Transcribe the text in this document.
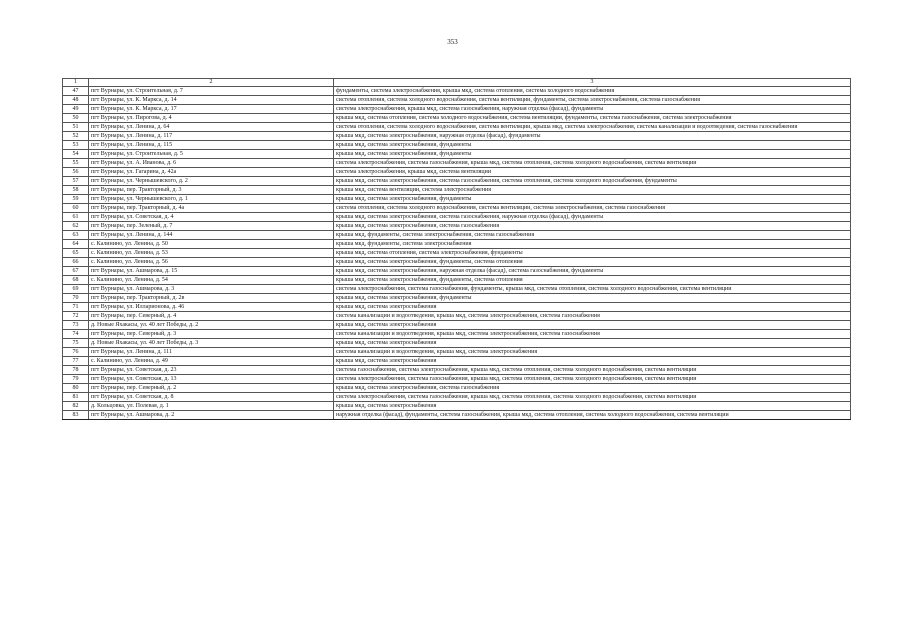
353
1	2	3
47	пгт Вурнары, ул. Строительная, д. 7	фундаменты, система электроснабжения, крыша мкд, система отопления, система холодного водоснабжения
48	пгт Вурнары, ул. К. Маркса, д. 14	система отопления, система холодного водоснабжения, система вентиляции, фундаменты, система электроснабжения, система газоснабжения
49	пгт Вурнары, ул. К. Маркса, д. 17	система электроснабжения, крыша мкд, система газоснабжения, наружная отделка (фасад), фундаменты
50	пгт Вурнары, ул. Пирогова, д. 4	крыша мкд, система отопления, система холодного водоснабжения, система вентиляции, фундаменты, система газоснабжения, система электроснабжения
51	пгт Вурнары, ул. Ленина, д. 64	система отопления, система холодного водоснабжения, система вентиляции, крыша мкд, система электроснабжения, система канализации и водоотведения, система газоснабжения
52	пгт Вурнары, ул. Ленина, д. 117	крыша мкд, система электроснабжения, наружная отделка (фасад), фундаменты
53	пгт Вурнары, ул. Ленина, д. 115	крыша мкд, система электроснабжения, фундаменты
54	пгт Вурнары, ул. Строительная, д. 5	крыша мкд, система электроснабжения, фундаменты
55	пгт Вурнары, ул. А. Иванова, д. 6	система электроснабжения, система газоснабжения, крыша мкд, система отопления, система холодного водоснабжения, система вентиляции
56	пгт Вурнары, ул. Гагарина, д. 42а	система электроснабжения, крыша мкд, система вентиляции
57	пгт Вурнары, ул. Чернышевского, д. 2	крыша мкд, система электроснабжения, система газоснабжения, система отопления, система холодного водоснабжения, фундаменты
58	пгт Вурнары, пер. Тракторный, д. 3	крыша мкд, система вентиляции, система электроснабжения
59	пгт Вурнары, ул. Чернышевского, д. 1	крыша мкд, система электроснабжения, фундаменты
60	пгт Вурнары, пер. Тракторный, д. 4а	система отопления, система холодного водоснабжения, система вентиляции, система электроснабжения, система газоснабжения
61	пгт Вурнары, ул. Советская, д. 4	крыша мкд, система электроснабжения, система газоснабжения, наружная отделка (фасад), фундаменты
62	пгт Вурнары, пер. Зеленый, д. 7	крыша мкд, система электроснабжения, система газоснабжения
63	пгт Вурнары, ул. Ленина, д. 144	крыша мкд, фундаменты, система электроснабжения, система газоснабжения
64	с. Калинино, ул. Ленина, д. 50	крыша мкд, фундаменты, система электроснабжения
65	с. Калинино, ул. Ленина, д. 53	крыша мкд, система отопления, система электроснабжения, фундаменты
66	с. Калинино, ул. Ленина, д. 56	крыша мкд, система электроснабжения, фундаменты, система отопления
67	пгт Вурнары, ул. Ашмарова, д. 15	крыша мкд, система электроснабжения, наружная отделка (фасад), система газоснабжения, фундаменты
68	с. Калинино, ул. Ленина, д. 54	крыша мкд, система электроснабжения, фундаменты, система отопления
69	пгт Вурнары, ул. Ашмарова, д. 3	система электроснабжения, система газоснабжения, фундаменты, крыша мкд, система отопления, система холодного водоснабжения, система вентиляции
70	пгт Вурнары, пер. Тракторный, д. 2в	крыша мкд, система электроснабжения, фундаменты
71	пгт Вурнары, ул. Илларионова, д. 46	крыша мкд, система электроснабжения
72	пгт Вурнары, пер. Северный, д. 4	система канализации и водоотведения, крыша мкд, система электроснабжения, система газоснабжения
73	д. Новые Яхакасы, ул. 40 лет Победы, д. 2	крыша мкд, система электроснабжения
74	пгт Вурнары, пер. Северный, д. 3	система канализации и водоотведения, крыша мкд, система электроснабжения, система газоснабжения
75	д. Новые Яхакасы, ул. 40 лет Победы, д. 3	крыша мкд, система электроснабжения
76	пгт Вурнары, ул. Ленина, д. 111	система канализации и водоотведения, крыша мкд, система электроснабжения
77	с. Калинино, ул. Ленина, д. 49	крыша мкд, система электроснабжения
78	пгт Вурнары, ул. Советская, д. 23	система газоснабжения, система электроснабжения, крыша мкд, система отопления, система холодного водоснабжения, система вентиляции
79	пгт Вурнары, ул. Советская, д. 13	система электроснабжения, система газоснабжения, крыша мкд, система отопления, система холодного водоснабжения, система вентиляции
80	пгт Вурнары, пер. Северный, д. 2	крыша мкд, система электроснабжения, система газоснабжения
81	пгт Вурнары, ул. Советская, д. 8	система электроснабжения, система газоснабжения, крыша мкд, система отопления, система холодного водоснабжения, система вентиляции
82	д. Кольцовка, ул. Полевая, д. 1	крыша мкд, система электроснабжения
83	пгт Вурнары, ул. Ашмарова, д. 2	наружная отделка (фасад), фундаменты, система газоснабжения, крыша мкд, система отопления, система холодного водоснабжения, система вентиляции
